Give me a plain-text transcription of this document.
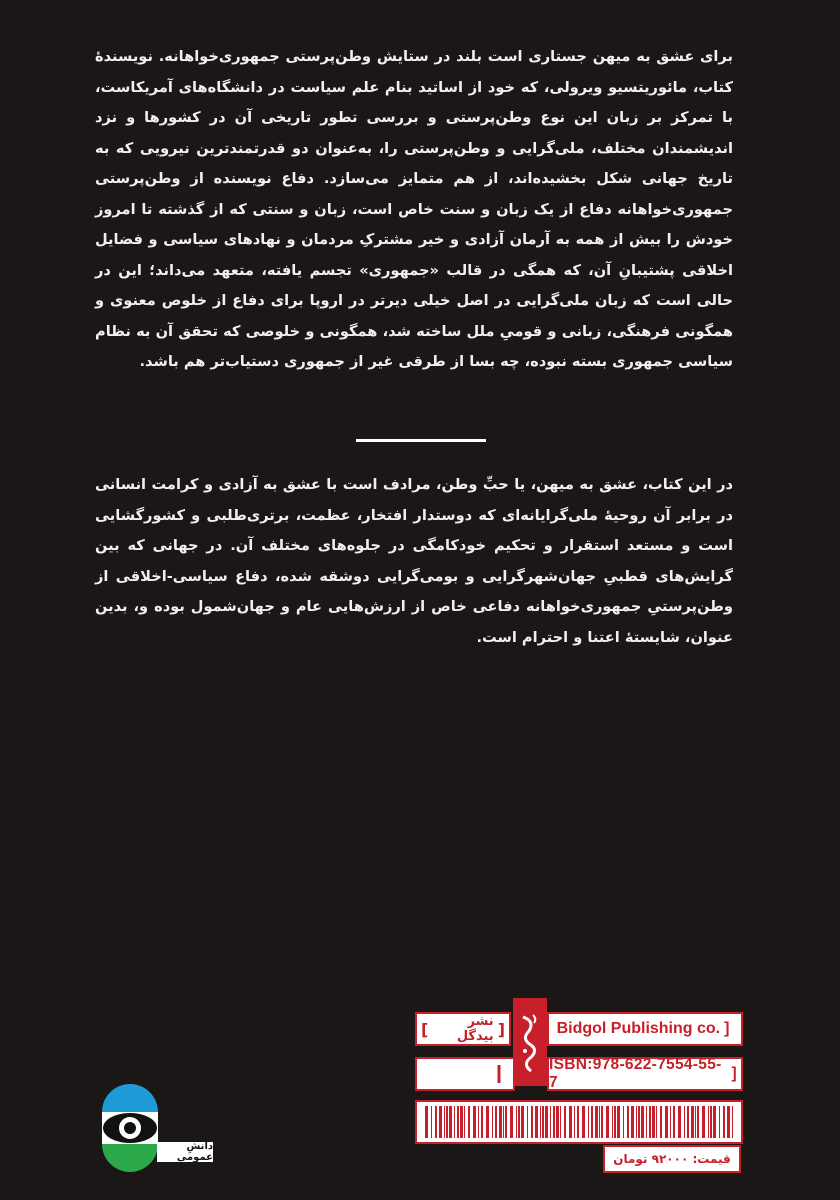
برای عشق به میهن جستاری است بلند در ستایش وطن‌پرستی جمهوری‌خواهانه. نویسندهٔ کتاب، مائوریتسیو ویرولی، که خود از اساتید بنام علم سیاست در دانشگاه‌های آمریکاست، با تمرکز بر زبان این نوع وطن‌پرستی و بررسی تطور تاریخی آن در کشورها و نزد اندیشمندان مختلف، ملی‌گرایی و وطن‌پرستی را، به‌عنوان دو قدرتمندترین نیرویی که به تاریخ جهانی شکل بخشیده‌اند، از هم متمایز می‌سازد. دفاع نویسنده از وطن‌پرستی جمهوری‌خواهانه دفاع از یک زبان و سنت خاص است، زبان و سنتی که از گذشته تا امروز خودش را بیش از همه به آرمان آزادی و خیر مشترکِ مردمان و نهادهای سیاسی و فضایل اخلاقی پشتیبانِ آن، که همگی در قالب «جمهوری» تجسم یافته، متعهد می‌داند؛ این در حالی است که زبان ملی‌گرایی در اصل خیلی دیرتر در اروپا برای دفاع از خلوص معنوی و همگونی فرهنگی، زبانی و قومیِ ملل ساخته شد، همگونی و خلوصی که تحقق آن به نظام سیاسی جمهوری بسته نبوده، چه بسا از طرقی غیر از جمهوری دستیاب‌تر هم باشد.
در این کتاب، عشق به میهن، یا حبِّ وطن، مرادف است با عشق به آزادی و کرامت انسانی در برابر آن روحیهٔ ملی‌گرایانه‌ای که دوستدار افتخار، عظمت، برتری‌طلبی و کشورگشایی است و مستعد استقرار و تحکیم خودکامگی در جلوه‌های مختلف آن. در جهانی که بین گرایش‌های قطبیِ جهان‌شهرگرایی و بومی‌گرایی دوشقه شده، دفاع سیاسی-اخلاقی از وطن‌پرستیِ جمهوری‌خواهانه دفاعی خاص از ارزش‌هایی عام و جهان‌شمول بوده و، بدین عنوان، شایستهٔ اعتنا و احترام است.
[	نشر بیدگل ]	Bidgol Publishing co. ]
ISBN:978-622-7554-55-7
]
قیمت: ۹۲۰۰۰ تومان
دانشِ عمومی
